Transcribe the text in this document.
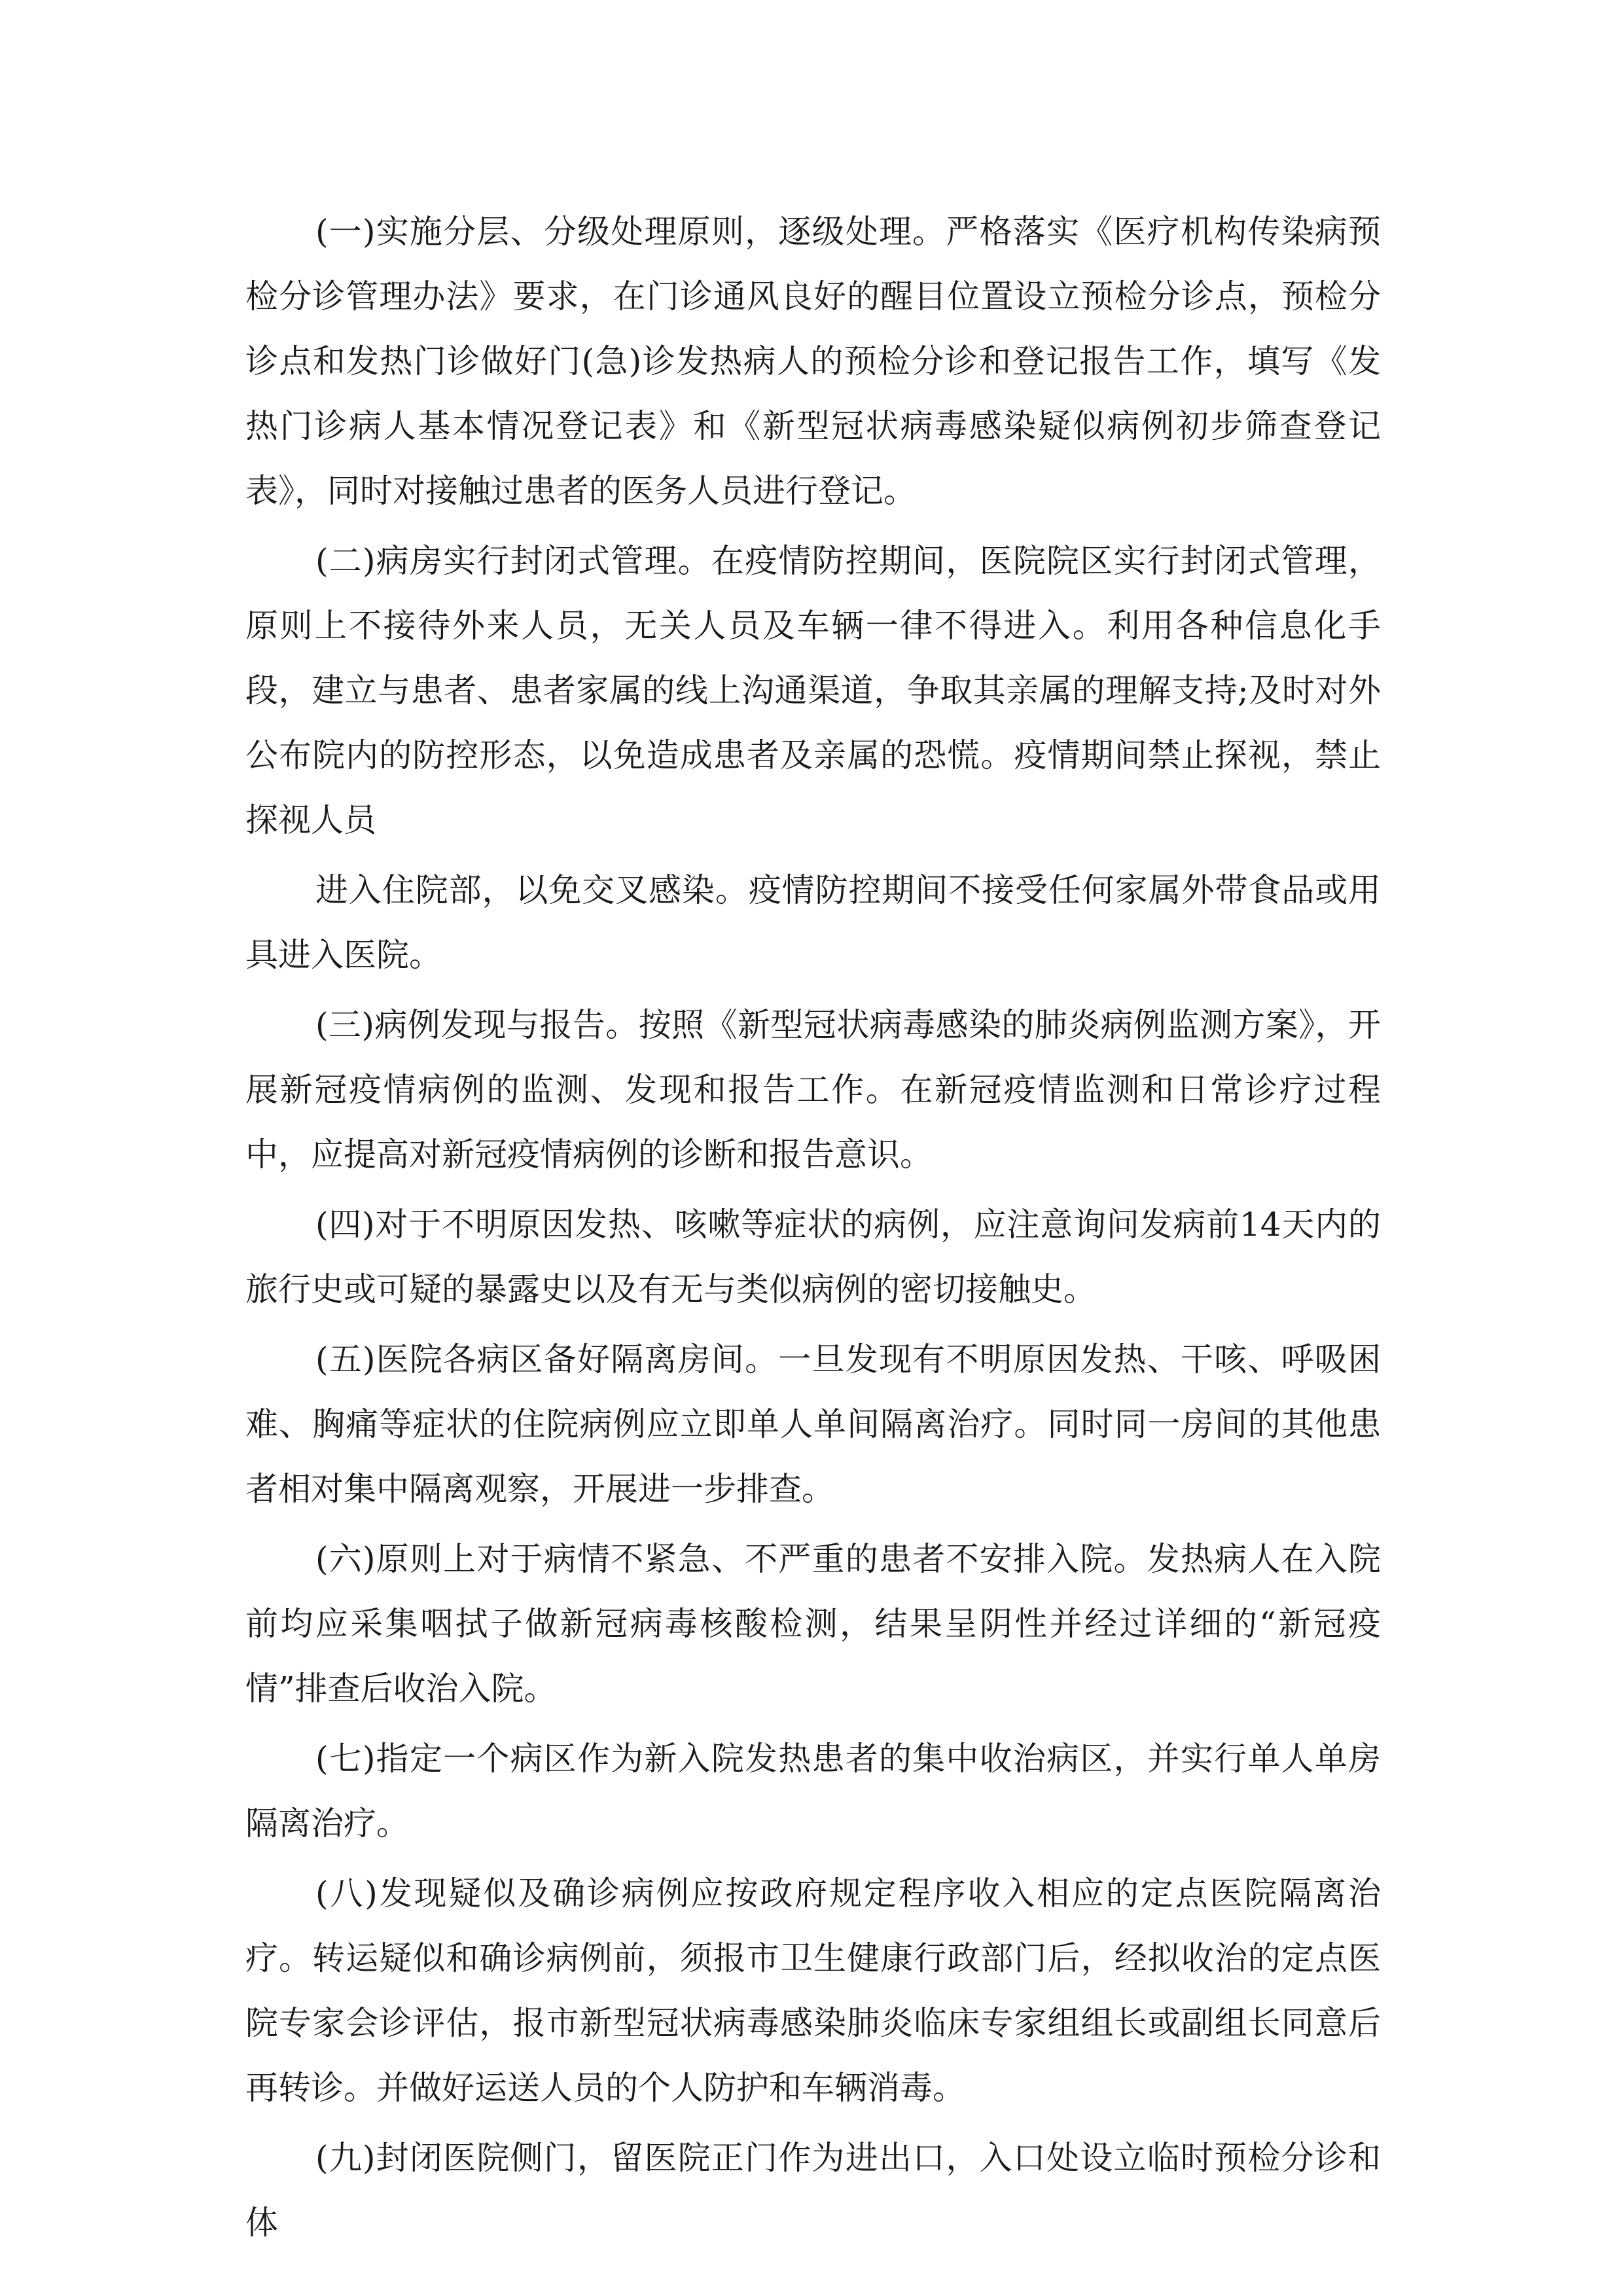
(一)实施分层、分级处理原则，逐级处理。严格落实《医疗机构传染病预检分诊管理办法》要求，在门诊通风良好的醒目位置设立预检分诊点，预检分诊点和发热门诊做好门(急)诊发热病人的预检分诊和登记报告工作，填写《发热门诊病人基本情况登记表》和《新型冠状病毒感染疑似病例初步筛查登记表》，同时对接触过患者的医务人员进行登记。

(二)病房实行封闭式管理。在疫情防控期间，医院院区实行封闭式管理，原则上不接待外来人员，无关人员及车辆一律不得进入。利用各种信息化手段，建立与患者、患者家属的线上沟通渠道，争取其亲属的理解支持;及时对外公布院内的防控形态，以免造成患者及亲属的恐慌。疫情期间禁止探视，禁止探视人员

进入住院部，以免交叉感染。疫情防控期间不接受任何家属外带食品或用具进入医院。

(三)病例发现与报告。按照《新型冠状病毒感染的肺炎病例监测方案》，开展新冠疫情病例的监测、发现和报告工作。在新冠疫情监测和日常诊疗过程中，应提高对新冠疫情病例的诊断和报告意识。

(四)对于不明原因发热、咳嗽等症状的病例，应注意询问发病前14天内的旅行史或可疑的暴露史以及有无与类似病例的密切接触史。

(五)医院各病区备好隔离房间。一旦发现有不明原因发热、干咳、呼吸困难、胸痛等症状的住院病例应立即单人单间隔离治疗。同时同一房间的其他患者相对集中隔离观察，开展进一步排查。

(六)原则上对于病情不紧急、不严重的患者不安排入院。发热病人在入院前均应采集咽拭子做新冠病毒核酸检测，结果呈阴性并经过详细的“新冠疫情”排查后收治入院。

(七)指定一个病区作为新入院发热患者的集中收治病区，并实行单人单房隔离治疗。

(八)发现疑似及确诊病例应按政府规定程序收入相应的定点医院隔离治疗。转运疑似和确诊病例前，须报市卫生健康行政部门后，经拟收治的定点医院专家会诊评估，报市新型冠状病毒感染肺炎临床专家组组长或副组长同意后再转诊。并做好运送人员的个人防护和车辆消毒。

(九)封闭医院侧门，留医院正门作为进出口，入口处设立临时预检分诊和体
